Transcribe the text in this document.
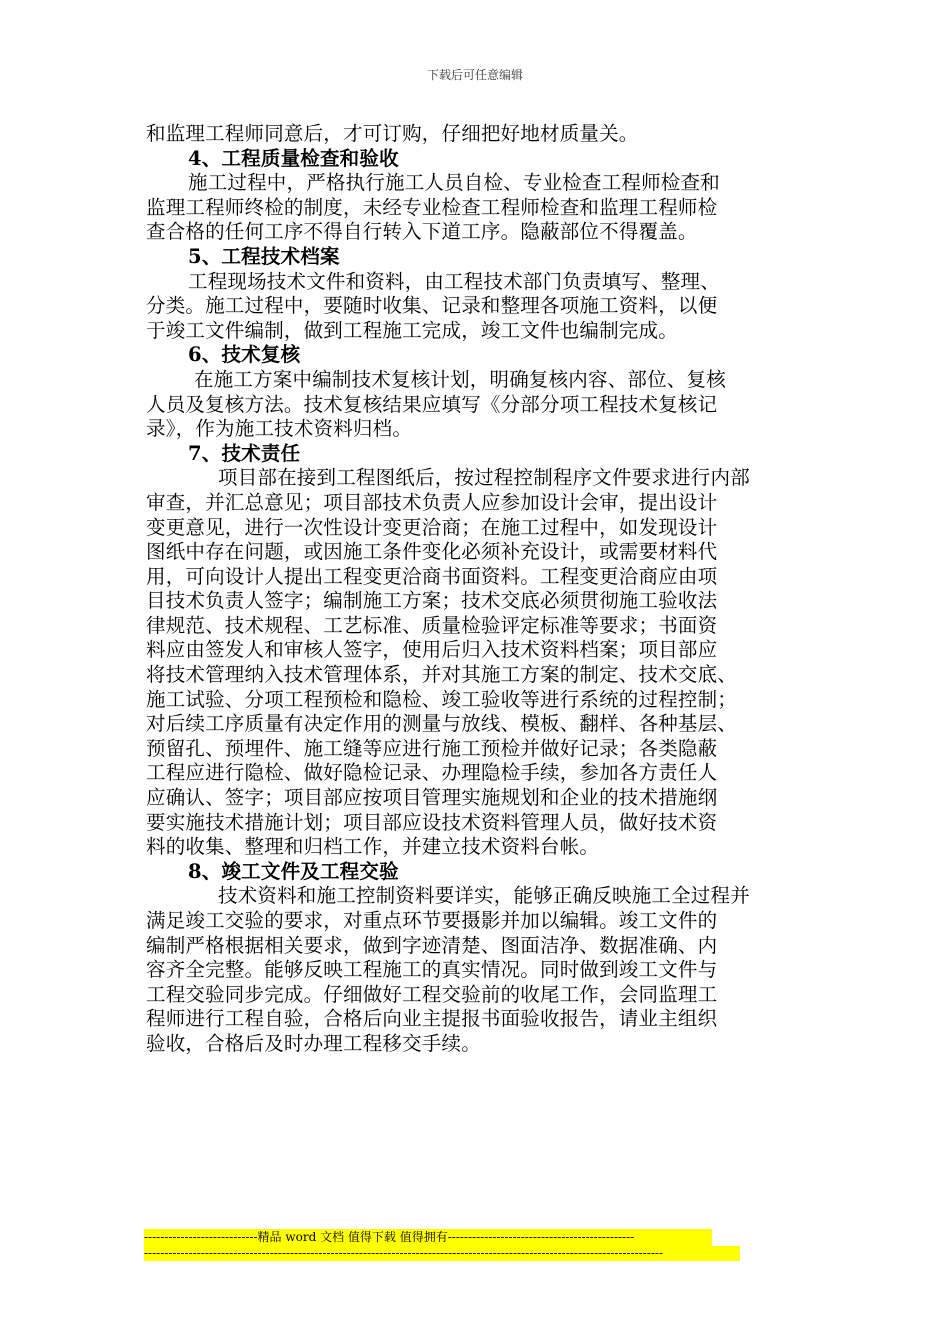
下载后可任意编辑

和监理工程师同意后，才可订购，仔细把好地材质量关。

4、工程质量检查和验收

施工过程中，严格执行施工人员自检、专业检查工程师检查和

监理工程师终检的制度，未经专业检查工程师检查和监理工程师检

查合格的任何工序不得自行转入下道工序。隐蔽部位不得覆盖。

5、工程技术档案

工程现场技术文件和资料，由工程技术部门负责填写、整理、

分类。施工过程中，要随时收集、记录和整理各项施工资料，以便

于竣工文件编制，做到工程施工完成，竣工文件也编制完成。

6、技术复核

在施工方案中编制技术复核计划，明确复核内容、部位、复核

人员及复核方法。技术复核结果应填写《分部分项工程技术复核记

录》，作为施工技术资料归档。

7、技术责任

项目部在接到工程图纸后，按过程控制程序文件要求进行内部

审查，并汇总意见；项目部技术负责人应参加设计会审，提出设计

变更意见，进行一次性设计变更洽商；在施工过程中，如发现设计

图纸中存在问题，或因施工条件变化必须补充设计，或需要材料代

用，可向设计人提出工程变更洽商书面资料。工程变更洽商应由项

目技术负责人签字；编制施工方案；技术交底必须贯彻施工验收法

律规范、技术规程、工艺标准、质量检验评定标准等要求；书面资

料应由签发人和审核人签字，使用后归入技术资料档案；项目部应

将技术管理纳入技术管理体系，并对其施工方案的制定、技术交底、

施工试验、分项工程预检和隐检、竣工验收等进行系统的过程控制；

对后续工序质量有决定作用的测量与放线、模板、翻样、各种基层、

预留孔、预埋件、施工缝等应进行施工预检并做好记录；各类隐蔽

工程应进行隐检、做好隐检记录、办理隐检手续，参加各方责任人

应确认、签字；项目部应按项目管理实施规划和企业的技术措施纲

要实施技术措施计划；项目部应设技术资料管理人员，做好技术资

料的收集、整理和归档工作，并建立技术资料台帐。

8、竣工文件及工程交验

技术资料和施工控制资料要详实，能够正确反映施工全过程并

满足竣工交验的要求，对重点环节要摄影并加以编辑。竣工文件的

编制严格根据相关要求，做到字迹清楚、图面洁净、数据准确、内

容齐全完整。能够反映工程施工的真实情况。同时做到竣工文件与

工程交验同步完成。仔细做好工程交验前的收尾工作，会同监理工

程师进行工程自验，合格后向业主提报书面验收报告，请业主组织

验收，合格后及时办理工程移交手续。

----------------------------精品 word 文档 值得下载 值得拥有----------------------------------------------
--------------------------------------------------------------------------------------------------------------------------------
